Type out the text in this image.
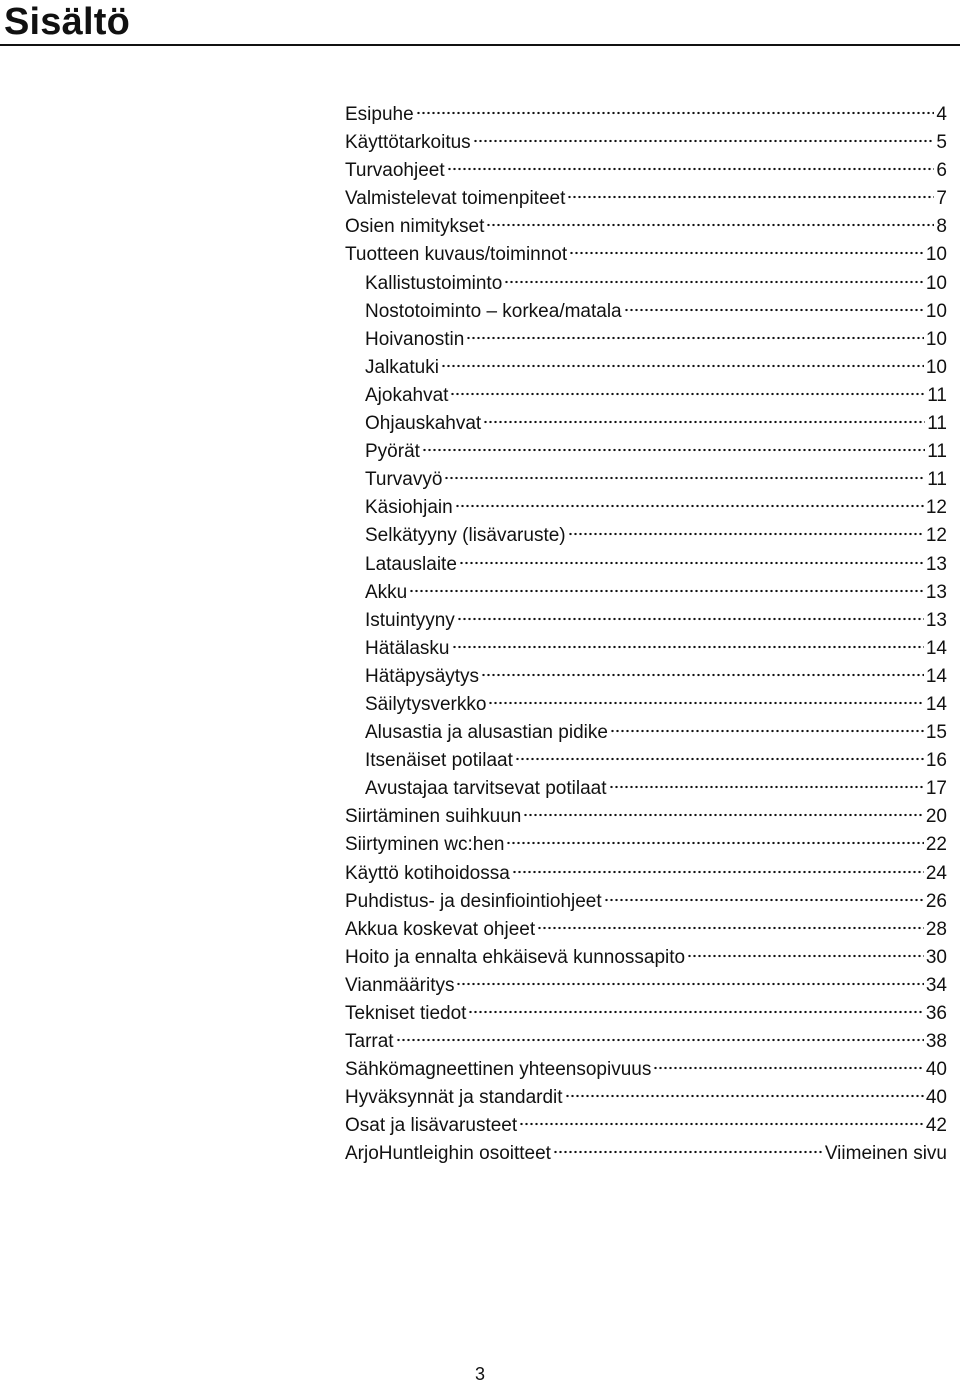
Sisältö
Esipuhe	4
Käyttötarkoitus	5
Turvaohjeet	6
Valmistelevat toimenpiteet	7
Osien nimitykset	8
Tuotteen kuvaus/toiminnot	10
Kallistustoiminto	10
Nostotoiminto – korkea/matala	10
Hoivanostin	10
Jalkatuki	10
Ajokahvat	11
Ohjauskahvat	11
Pyörät	11
Turvavyö	11
Käsiohjain	12
Selkätyyny (lisävaruste)	12
Latauslaite	13
Akku	13
Istuintyyny	13
Hätälasku	14
Hätäpysäytys	14
Säilytysverkko	14
Alusastia ja alusastian pidike	15
Itsenäiset potilaat	16
Avustajaa tarvitsevat potilaat	17
Siirtäminen suihkuun	20
Siirtyminen wc:hen	22
Käyttö kotihoidossa	24
Puhdistus- ja desinfiointiohjeet	26
Akkua koskevat ohjeet	28
Hoito ja ennalta ehkäisevä kunnossapito	30
Vianmääritys	34
Tekniset tiedot	36
Tarrat	38
Sähkömagneettinen yhteensopivuus	40
Hyväksynnät ja standardit	40
Osat ja lisävarusteet	42
ArjoHuntleighin osoitteet	Viimeinen sivu
3
